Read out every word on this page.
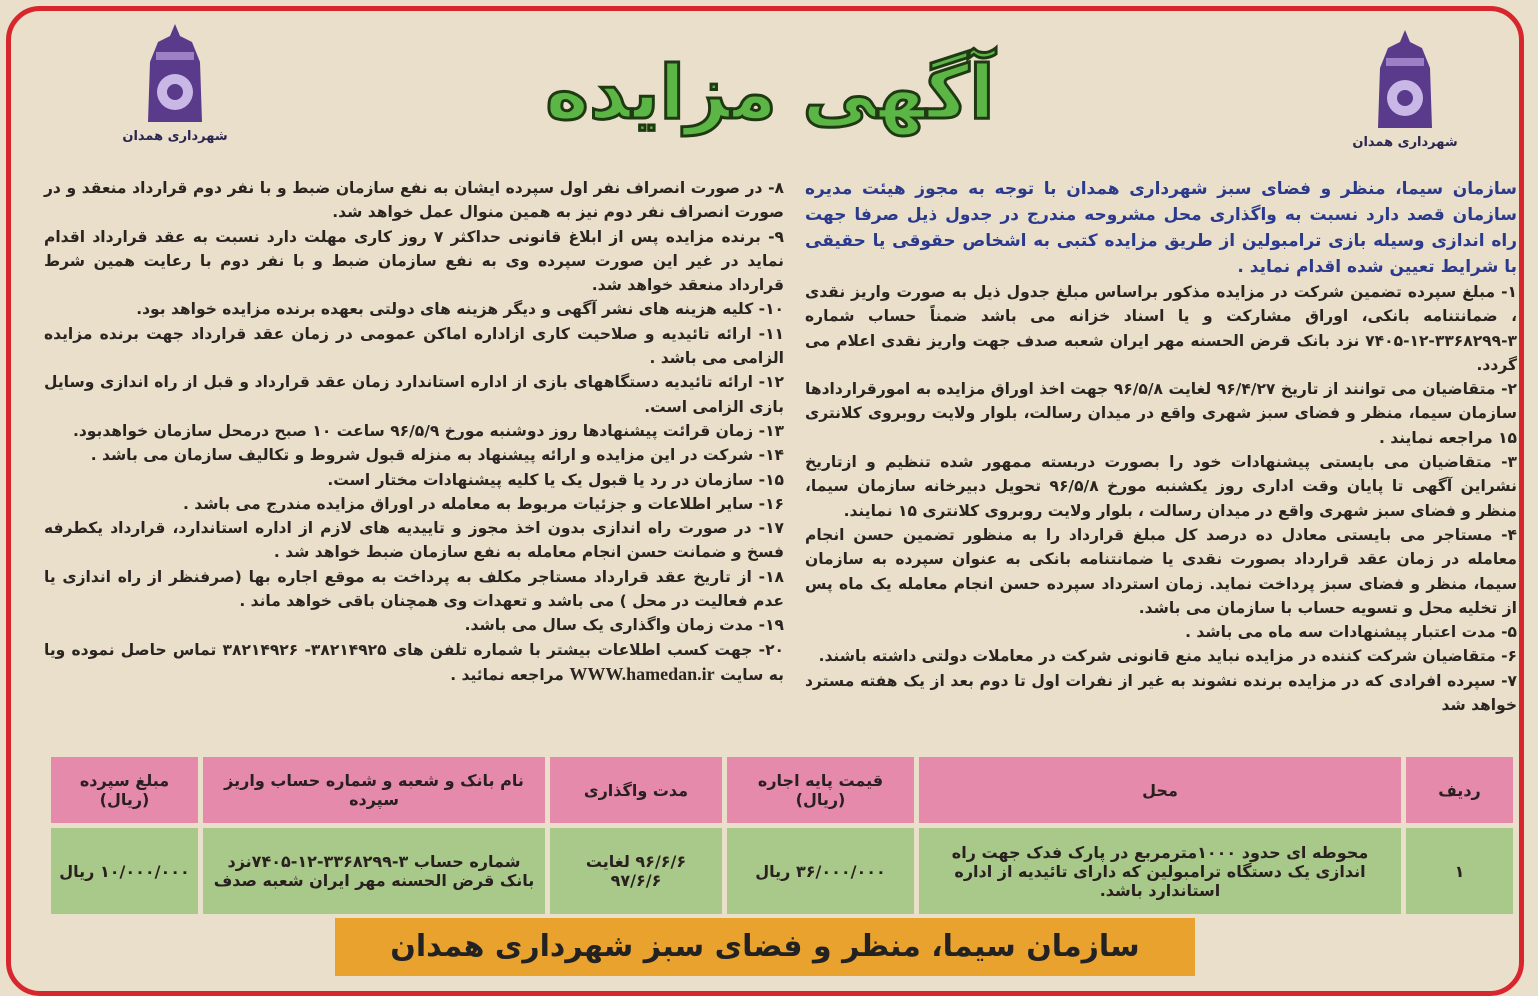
شهرداری همدان
شهرداری همدان
آگهی مزایده

سازمان سیما، منظر و فضای سبز شهرداری همدان با توجه به مجوز هیئت مدیره سازمان قصد دارد نسبت به واگذاری محل مشروحه مندرج در جدول ذیل صرفا جهت راه اندازی وسیله بازی ترامبولین از طریق مزایده کتبی به اشخاص حقوقی یا حقیقی با شرایط تعیین شده اقدام نماید .

۱- مبلغ سپرده تضمین شرکت در مزایده مذکور براساس مبلغ جدول ذیل به صورت واریز نقدی ، ضمانتنامه بانکی، اوراق مشارکت و یا اسناد خزانه می باشد ضمناً حساب شماره ۳-۳۳۶۸۲۹۹-۱۲-۷۴۰۵ نزد بانک قرض الحسنه مهر ایران شعبه صدف جهت واریز نقدی اعلام می گردد.

۲- متقاضیان می توانند از تاریخ ۹۶/۴/۲۷ لغایت ۹۶/۵/۸ جهت اخذ اوراق مزایده به امورقراردادها سازمان سیما، منظر و فضای سبز شهری واقع در میدان رسالت، بلوار ولایت روبروی کلانتری ۱۵ مراجعه نمایند .

۳- متقاضیان می بایستی پیشنهادات خود را بصورت دربسته ممهور شده تنظیم و ازتاریخ نشراین آگهی تا پایان وقت اداری روز یکشنبه مورخ ۹۶/۵/۸ تحویل دبیرخانه سازمان سیما، منظر و فضای سبز شهری واقع در میدان رسالت ، بلوار ولایت روبروی کلانتری ۱۵ نمایند.

۴- مستاجر می بایستی معادل ده درصد کل مبلغ قرارداد را به منظور تضمین حسن انجام معامله در زمان عقد قرارداد بصورت نقدی یا ضمانتنامه بانکی به عنوان سپرده به سازمان سیما، منظر و فضای سبز پرداخت نماید. زمان استرداد سپرده حسن انجام معامله یک ماه پس از تخلیه محل و تسویه حساب با سازمان می باشد.

۵- مدت اعتبار پیشنهادات سه ماه می باشد .

۶- متقاضیان شرکت کننده در مزایده نباید منع قانونی شرکت در معاملات دولتی داشته باشند.

۷- سپرده افرادی که در مزایده برنده نشوند به غیر از نفرات اول تا دوم بعد از یک هفته مسترد خواهد شد

۸- در صورت انصراف نفر اول سپرده ایشان به نفع سازمان ضبط و با نفر دوم قرارداد منعقد و در صورت انصراف نفر دوم نیز به همین منوال عمل خواهد شد.

۹- برنده مزایده پس از ابلاغ قانونی حداکثر ۷ روز کاری مهلت دارد نسبت به عقد قرارداد اقدام نماید در غیر این صورت سپرده وی به نفع سازمان ضبط و با نفر دوم با رعایت همین شرط قرارداد منعقد خواهد شد.

۱۰- کلیه هزینه های نشر آگهی و دیگر هزینه های دولتی بعهده برنده مزایده خواهد بود.

۱۱- ارائه تائیدیه و صلاحیت کاری ازاداره اماکن عمومی در زمان عقد قرارداد جهت برنده مزایده الزامی می باشد .

۱۲- ارائه تائیدیه دستگاههای بازی از اداره استاندارد زمان عقد قرارداد و قبل از راه اندازی وسایل بازی الزامی است.

۱۳- زمان قرائت پیشنهادها روز دوشنبه مورخ ۹۶/۵/۹ ساعت ۱۰ صبح درمحل سازمان خواهدبود.

۱۴- شرکت در این مزایده و ارائه پیشنهاد به منزله قبول شروط و تکالیف سازمان می باشد .

۱۵- سازمان در رد یا قبول یک یا کلیه پیشنهادات مختار است.

۱۶- سایر اطلاعات و جزئیات مربوط به معامله در اوراق مزایده مندرج می باشد .

۱۷- در صورت راه اندازی بدون اخذ مجوز و تاییدیه های لازم از اداره استاندارد، قرارداد یکطرفه فسخ و ضمانت حسن انجام معامله به نفع سازمان ضبط خواهد شد .

۱۸- از تاریخ عقد قرارداد مستاجر مکلف به پرداخت به موقع اجاره بها (صرفنظر از راه اندازی یا عدم فعالیت در محل ) می باشد و تعهدات وی همچنان باقی خواهد ماند .

۱۹- مدت زمان واگذاری یک سال می باشد.

۲۰- جهت کسب اطلاعات بیشتر با شماره تلفن های ۳۸۲۱۴۹۲۵- ۳۸۲۱۴۹۲۶ تماس حاصل نموده ویا به سایت WWW.hamedan.ir مراجعه نمائید .

ردیف	محل	قیمت پایه اجاره (ریال)	مدت واگذاری	نام بانک و شعبه و شماره حساب واریز سپرده	مبلغ سپرده (ریال)
۱	محوطه ای حدود ۱۰۰۰مترمربع در پارک فدک جهت راه اندازی یک دستگاه ترامبولین که دارای تائیدیه از اداره استاندارد باشد.	۳۶/۰۰۰/۰۰۰ ریال	۹۶/۶/۶ لغایت ۹۷/۶/۶	شماره حساب ۳-۳۳۶۸۲۹۹-۱۲-۷۴۰۵نزد بانک قرض الحسنه مهر ایران شعبه صدف	۱۰/۰۰۰/۰۰۰ ریال
سازمان سیما، منظر و فضای سبز شهرداری همدان
